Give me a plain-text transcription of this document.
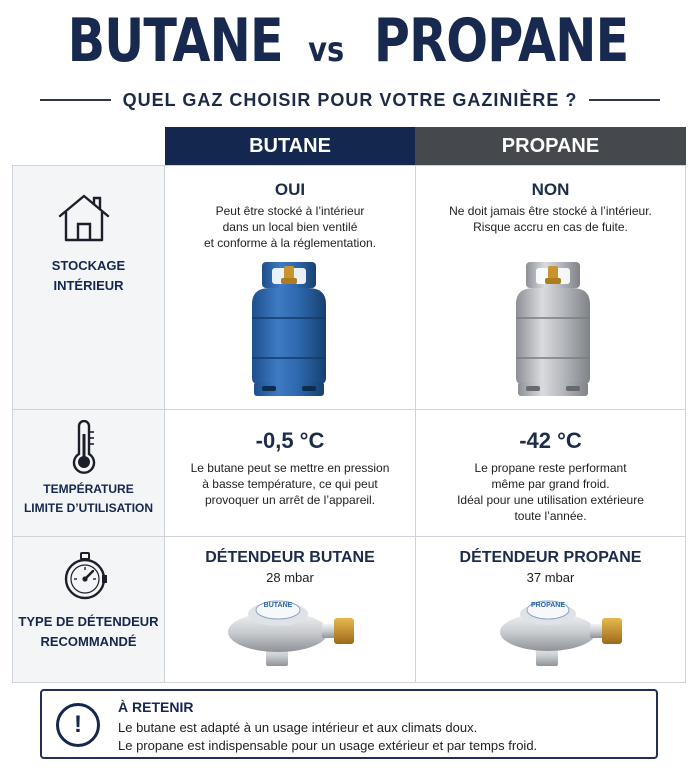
BUTANE vs PROPANE
QUEL GAZ CHOISIR POUR VOTRE GAZINIÈRE ?
BUTANE	PROPANE
STOCKAGE
INTÉRIEUR
OUI
Peut être stocké à l’intérieur
dans un local bien ventilé
et conforme à la réglementation.
NON
Ne doit jamais être stocké à l’intérieur.
Risque accru en cas de fuite.
TEMPÉRATURE
LIMITE D’UTILISATION
-0,5 °C
Le butane peut se mettre en pression
à basse température, ce qui peut
provoquer un arrêt de l’appareil.
-42 °C
Le propane reste performant
même par grand froid.
Idéal pour une utilisation extérieure
toute l’année.
TYPE DE DÉTENDEUR
RECOMMANDÉ
DÉTENDEUR BUTANE
28 mbar
DÉTENDEUR PROPANE
37 mbar
BUTANE	PROPANE
!
À RETENIR
Le butane est adapté à un usage intérieur et aux climats doux.
Le propane est indispensable pour un usage extérieur et par temps froid.
